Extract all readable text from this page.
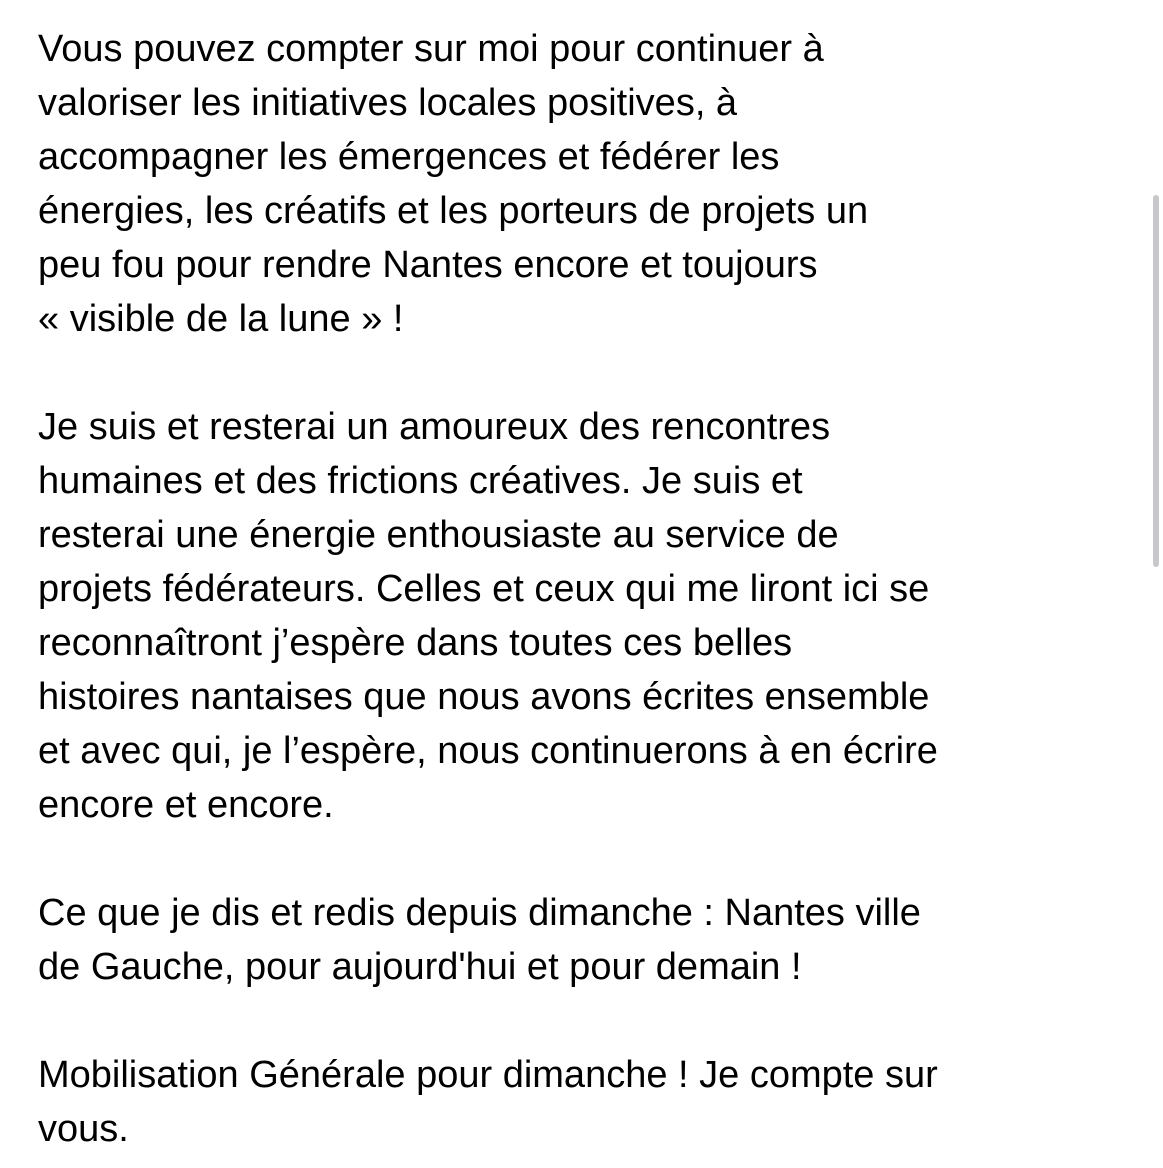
Vous pouvez compter sur moi pour continuer à
valoriser les initiatives locales positives, à
accompagner les émergences et fédérer les
énergies, les créatifs et les porteurs de projets un
peu fou pour rendre Nantes encore et toujours
« visible de la lune » !

Je suis et resterai un amoureux des rencontres
humaines et des frictions créatives. Je suis et
resterai une énergie enthousiaste au service de
projets fédérateurs. Celles et ceux qui me liront ici se
reconnaîtront j’espère dans toutes ces belles
histoires nantaises que nous avons écrites ensemble
et avec qui, je l’espère, nous continuerons à en écrire
encore et encore.

Ce que je dis et redis depuis dimanche : Nantes ville
de Gauche, pour aujourd'hui et pour demain !

Mobilisation Générale pour dimanche ! Je compte sur
vous.
